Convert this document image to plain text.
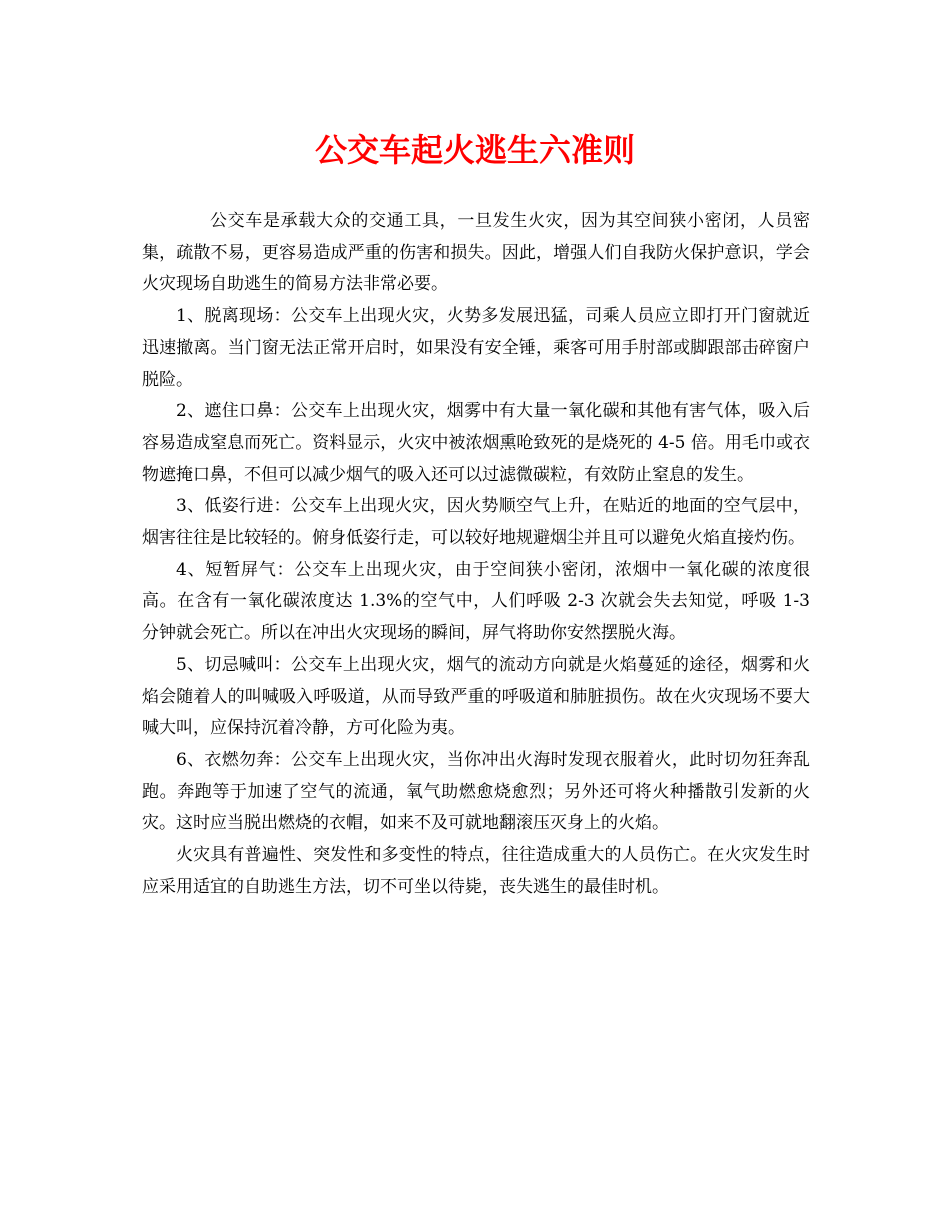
公交车起火逃生六准则

公交车是承载大众的交通工具，一旦发生火灾，因为其空间狭小密闭，人员密集，疏散不易，更容易造成严重的伤害和损失。因此，增强人们自我防火保护意识，学会火灾现场自助逃生的简易方法非常必要。

1、脱离现场：公交车上出现火灾，火势多发展迅猛，司乘人员应立即打开门窗就近迅速撤离。当门窗无法正常开启时，如果没有安全锤，乘客可用手肘部或脚跟部击碎窗户脱险。

2、遮住口鼻：公交车上出现火灾，烟雾中有大量一氧化碳和其他有害气体，吸入后容易造成窒息而死亡。资料显示，火灾中被浓烟熏呛致死的是烧死的 4-5 倍。用毛巾或衣物遮掩口鼻，不但可以减少烟气的吸入还可以过滤微碳粒，有效防止窒息的发生。

3、低姿行进：公交车上出现火灾，因火势顺空气上升，在贴近的地面的空气层中，烟害往往是比较轻的。俯身低姿行走，可以较好地规避烟尘并且可以避免火焰直接灼伤。

4、短暂屏气：公交车上出现火灾，由于空间狭小密闭，浓烟中一氧化碳的浓度很高。在含有一氧化碳浓度达 1.3%的空气中，人们呼吸 2-3 次就会失去知觉，呼吸 1-3 分钟就会死亡。所以在冲出火灾现场的瞬间，屏气将助你安然摆脱火海。

5、切忌喊叫：公交车上出现火灾，烟气的流动方向就是火焰蔓延的途径，烟雾和火焰会随着人的叫喊吸入呼吸道，从而导致严重的呼吸道和肺脏损伤。故在火灾现场不要大喊大叫，应保持沉着冷静，方可化险为夷。

6、衣燃勿奔：公交车上出现火灾，当你冲出火海时发现衣服着火，此时切勿狂奔乱跑。奔跑等于加速了空气的流通，氧气助燃愈烧愈烈；另外还可将火种播散引发新的火灾。这时应当脱出燃烧的衣帽，如来不及可就地翻滚压灭身上的火焰。

火灾具有普遍性、突发性和多变性的特点，往往造成重大的人员伤亡。在火灾发生时应采用适宜的自助逃生方法，切不可坐以待毙，丧失逃生的最佳时机。
